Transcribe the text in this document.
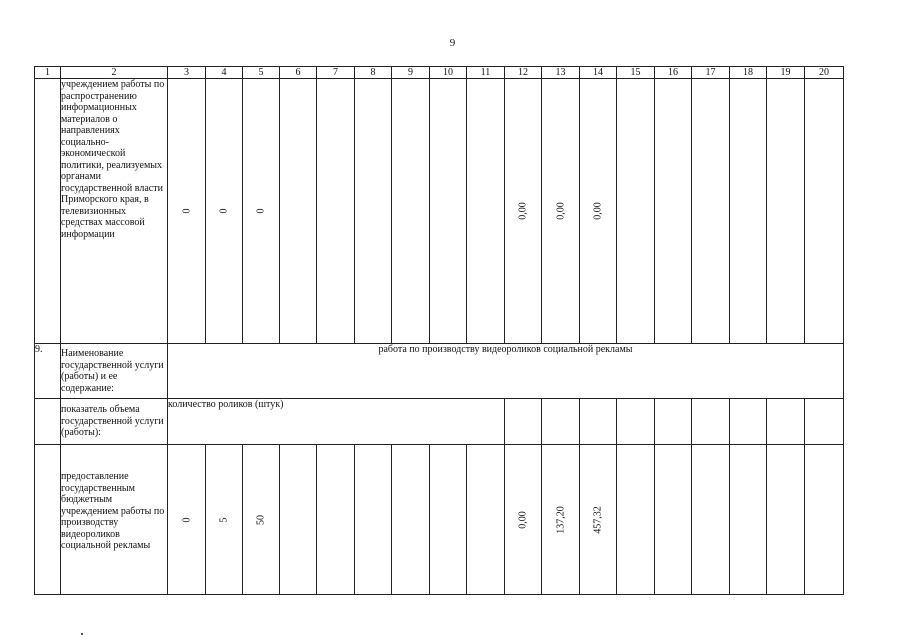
9
1	2	3	4	5	6	7	8	9	10	11	12	13	14	15	16	17	18	19	20
	учреждением работы по распространению информационных материалов о направлениях социально-экономической политики, реализуемых органами государственной власти Приморского края, в телевизионных средствах массовой информации	0	0	0							0,00	0,00	0,00						

9.	Наименование государственной услуги (работы) и ее содержание:	работа по производству видеороликов социальной рекламы																	
	показатель объема государственной услуги (работы):	количество роликов (штук)																	
	предоставление государственным бюджетным учреждением работы по производству видеороликов социальной рекламы	0	5	50							0,00	137,20	457,32						
